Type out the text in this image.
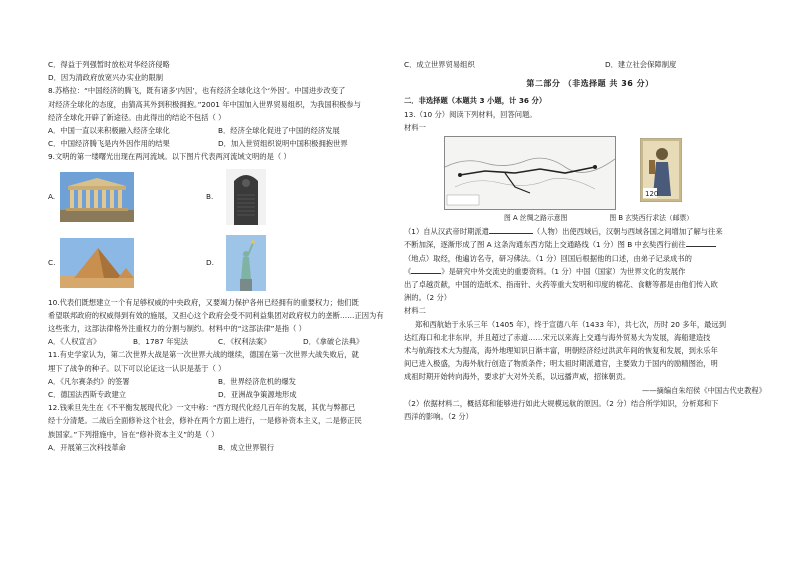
C．得益于列强暂时放松对华经济侵略
D．因为清政府放宽兴办实业的限制
8.苏格拉：“中国经济的腾飞，既有诸多‘内因’，也有经济全球化这个‘外因’。中国进步改变了
对经济全球化的态度，由猜高其外到积极拥抱。”2001 年中国加入世界贸易组织，为我国积极参与
经济全球化开辟了新途径。由此得出的结论不包括（ ）
A．中国一直以来积极融入经济全球化	B．经济全球化促进了中国的经济发展
C．中国经济腾飞是内外因作用的结果	D．加入世贸组织说明中国积极拥抱世界
9.文明的第一缕曙光出现在两河流域。以下图片代表两河流域文明的是（ ）
A.	B.
C.	D.
10.代表们既想建立一个有足够权威的中央政府，又要竭力保护各州已经拥有的重要权力；他们既
希望联邦政府的权威得到有效的施展，又担心这个政府会受不同利益集团对政府权力的垄断……正因为有
这些张力，这部法律格外注重权力的分割与制约。材料中的“这部法律”是指（ ）
A．《人权宣言》	B．1787 年宪法	C．《权利法案》	D．《拿破仑法典》
11.有史学家认为，第二次世界大战是第一次世界大战的继续，德国在第一次世界大战失败后，就
埋下了战争的种子。以下可以论证这一认识是基于（ ）
A．《凡尔赛条约》的签署	B．世界经济危机的爆发
C．德国法西斯专政建立	D．亚洲战争策源地形成
12.钱乘旦先生在《不平衡发展现代化》一文中称：“西方现代化经几百年的发展，其优与弊都已
经十分清楚。二战后全面修补这个社会，修补在两个方面上进行，一是修补资本主义，二是修正民
族国家。”下列措施中，旨在“修补资本主义”的是（ ）
A．开展第三次科技革命	B．成立世界银行
C．成立世界贸易组织	D．建立社会保障制度
第二部分 （非选择题 共 36 分）
二．非选择题（本题共 3 小题，计 36 分）
13.（10 分）阅读下列材料，回答问题。
材料一
120
图 A 丝绸之路示意图	图 B 玄奘西行求法（邮票）
（1）自从汉武帝时期派遣	（人物）出使西域后，汉朝与西域各国之间增加了解与往来
不断加深，逐渐形成了图 A 这条沟通东西方陆上交通路线（1 分）图 B 中玄奘西行前往
（地点）取经，他遍访名寺，研习佛法。（1 分）回国后根据他的口述，由弟子记录成书的
《	》是研究中外交流史的重要资料。（1 分）中国（国家）为世界文化的发展作
出了卓越贡献，中国的造纸术、指南针、火药等重大发明和印度的棉花、食糖等都是由他们传入欧
洲的。（2 分）
材料二
郑和西航始于永乐三年（1405 年），终于宣德八年（1433 年），共七次，历时 20 多年，最远到
达红海口和北非东岸，并且超过了赤道……宋元以来海上交通与海外贸易大为发展，海船建造技
术与航海技术大为提高，海外地理知识日渐丰富，明朝经济经过洪武年间的恢复和发展，到永乐年
间已进入极盛，为海外航行创造了物质条件；明太祖时期派遣官，主要致力于国内的励精图治，明
成祖时期开始转向海外，要求扩大对外关系，以远播声威，招徕朝贡。
——摘编自朱绍侯《中国古代史教程》
（2）依据材料二，概括郑和能够进行如此大规模远航的原因。（2 分）结合所学知识，分析郑和下
西洋的影响。（2 分）
